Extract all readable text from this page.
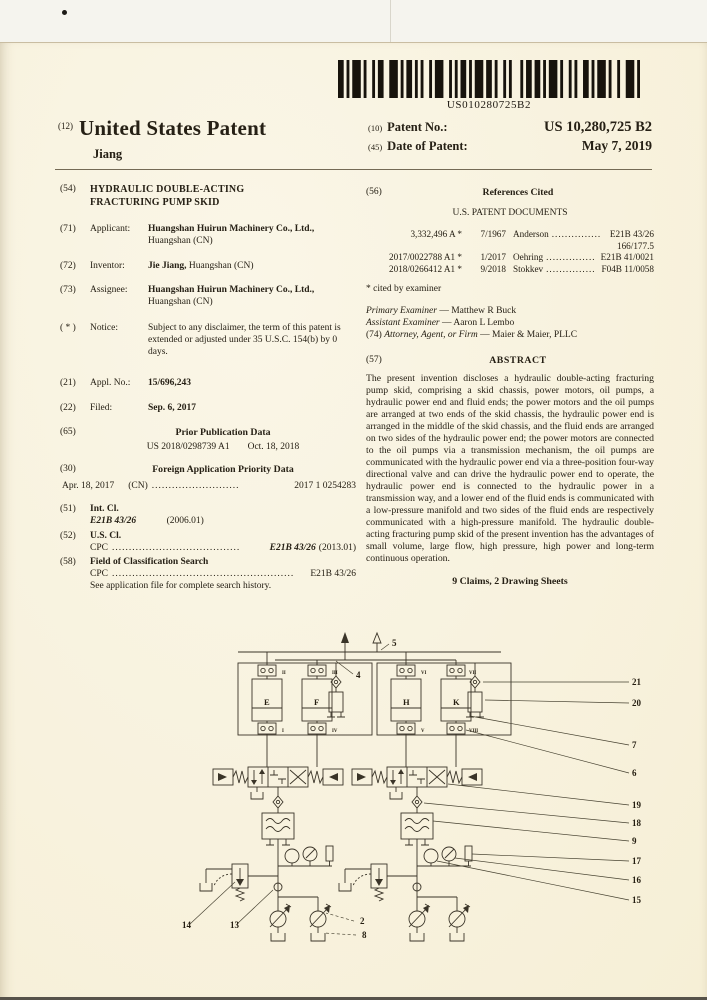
US010280725B2
$^{(12)}$ United States Patent
Jiang
(10) Patent No.:	US 10,280,725 B2
(45) Date of Patent:	May 7, 2019
(54)	HYDRAULIC DOUBLE-ACTING
FRACTURING PUMP SKID
(71)	Applicant:	Huangshan Huirun Machinery Co., Ltd., Huangshan (CN)
(72)	Inventor:	Jie Jiang, Huangshan (CN)
(73)	Assignee:	Huangshan Huirun Machinery Co., Ltd., Huangshan (CN)
( * )	Notice:	Subject to any disclaimer, the term of this patent is extended or adjusted under 35 U.S.C. 154(b) by 0 days.
(21)	Appl. No.:	15/696,243
(22)	Filed:	Sep. 6, 2017
(65)	Prior Publication Data
US 2018/0298739 A1 Oct. 18, 2018
(30)	Foreign Application Priority Data
Apr. 18, 2017 (CN) ..........................	2017 1 0254283
(51)	Int. Cl.
E21B 43/26	(2006.01)
(52)	U.S. Cl.

CPC ......................................	E21B 43/26 (2013.01)
(58)	Field of Classification Search

CPC ......................................................	E21B 43/26
See application file for complete search history.
(56)	References Cited
U.S. PATENT DOCUMENTS
3,332,496 A *	7/1967 Anderson ............... E21B 43/26
166/177.5
2017/0022788 A1 *	1/2017 Oehring ............... E21B 41/0021
2018/0266412 A1 *	9/2018 Stokkev ............... F04B 11/0058
* cited by examiner
Primary Examiner — Matthew R Buck
Assistant Examiner — Aaron L Lembo
(74) Attorney, Agent, or Firm — Maier & Maier, PLLC
(57)	ABSTRACT
The present invention discloses a hydraulic double-acting fracturing pump skid, comprising a skid chassis, power motors, oil pumps, a hydraulic power end and fluid ends; the power motors and the oil pumps are arranged at two ends of the skid chassis, the hydraulic power end is arranged in the middle of the skid chassis, and the fluid ends are arranged on two sides of the hydraulic power end; the power motors are connected to the oil pumps via a transmission mechanism, the oil pumps are communicated with the hydraulic power end via a three-position four-way directional valve and can drive the hydraulic power end to operate, the hydraulic power end is connected to the hydraulic power in a transmission way, and a lower end of the fluid ends is communicated with a low-pressure manifold and two sides of the fluid ends are respectively communicated with a high-pressure manifold. The hydraulic double-acting fracturing pump skid of the present invention has the advantages of small volume, large flow, high pressure, high power and long-term continuous operation.
9 Claims, 2 Drawing Sheets
E	F	H	K
II	III
I	IV
VI	VII
V	VIII
5
4
21
20
7
6
19
18
9
17
16
15
14	13	2
8
